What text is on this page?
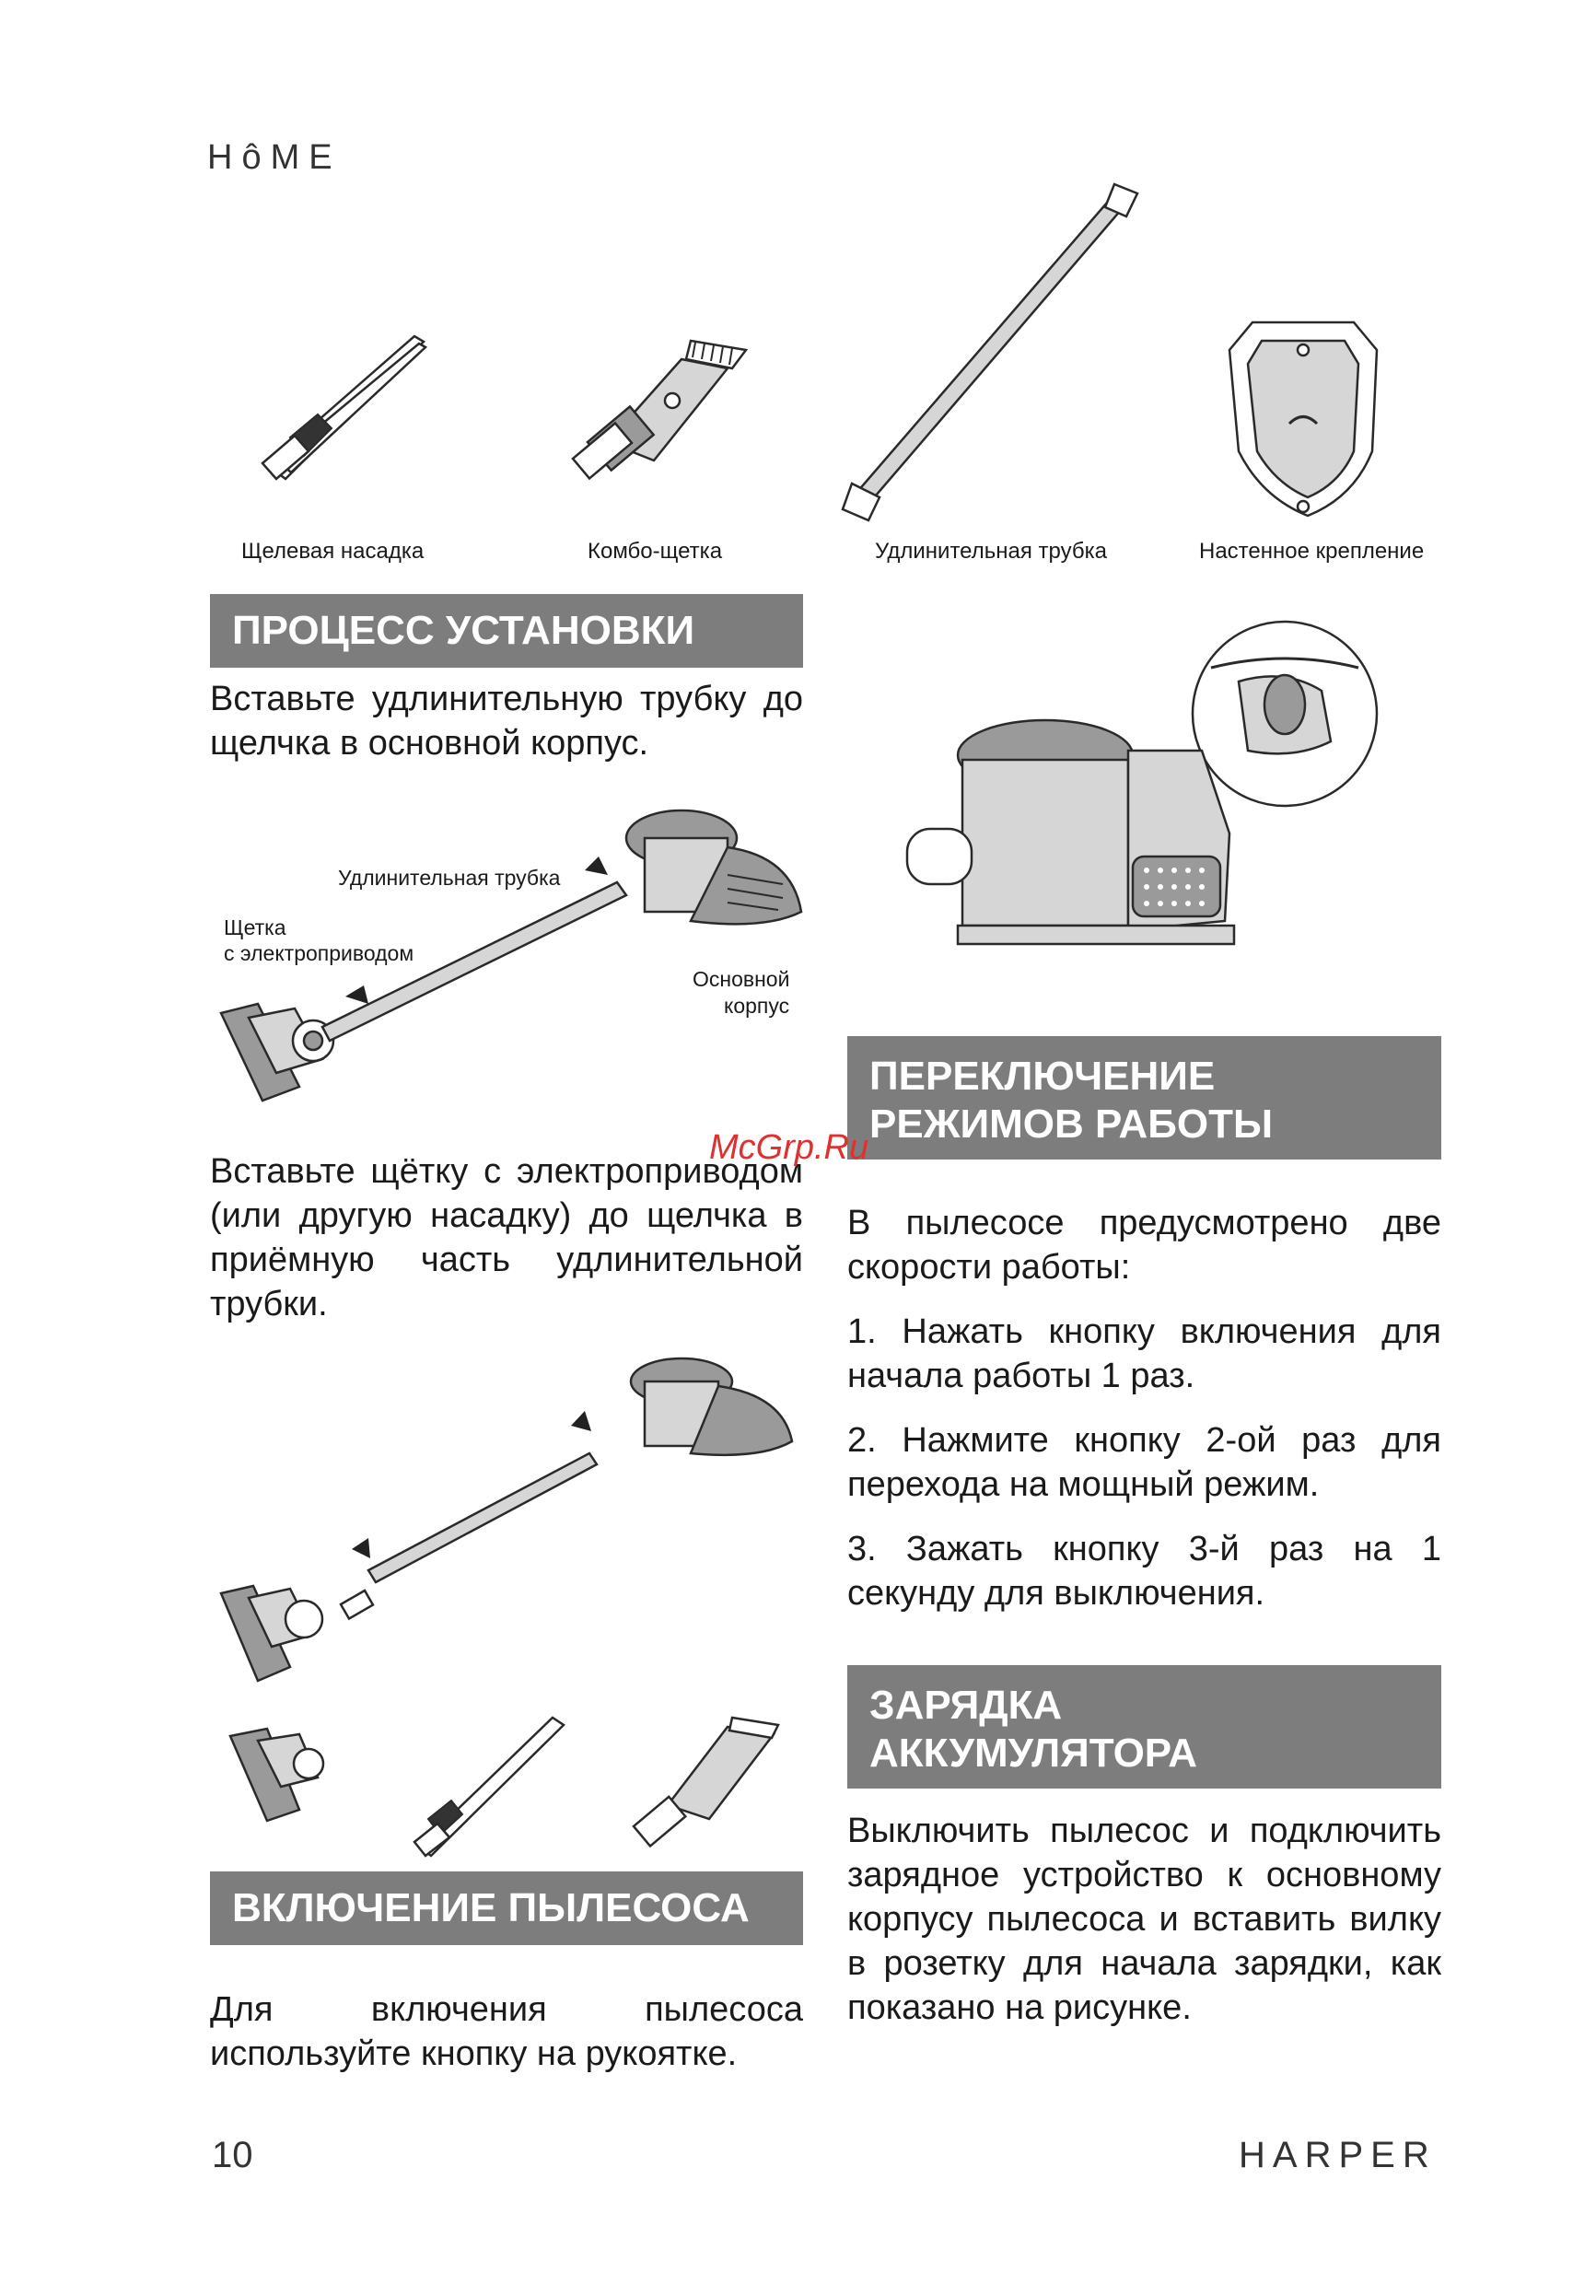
HôME
Щелевая насадка	Комбо-щетка	Удлинительная трубка	Настенное крепление
ПРОЦЕСС УСТАНОВКИ

Вставьте удлинительную трубку до щелчка в основной корпус.

Удлинительная трубка
Щетка
с электроприводом
Основной
корпус

Вставьте щётку с электроприводом (или другую насадку) до щелчка в приёмную часть удлинительной трубки.

ВКЛЮЧЕНИЕ ПЫЛЕСОСА

Для включения пылесоса используйте кнопку на рукоятке.

ПЕРЕКЛЮЧЕНИЕ
РЕЖИМОВ РАБОТЫ
McGrp.Ru

В пылесосе предусмотрено две скорости работы:

1. Нажать кнопку включения для начала работы 1 раз.

2. Нажмите кнопку 2-ой раз для перехода на мощный режим.

3. Зажать кнопку 3-й раз на 1 секунду для выключения.

ЗАРЯДКА
АККУМУЛЯТОРА

Выключить пылесос и подключить зарядное устройство к основному корпусу пылесоса и вставить вилку в розетку для начала зарядки, как показано на рисунке.

10	HARPER
